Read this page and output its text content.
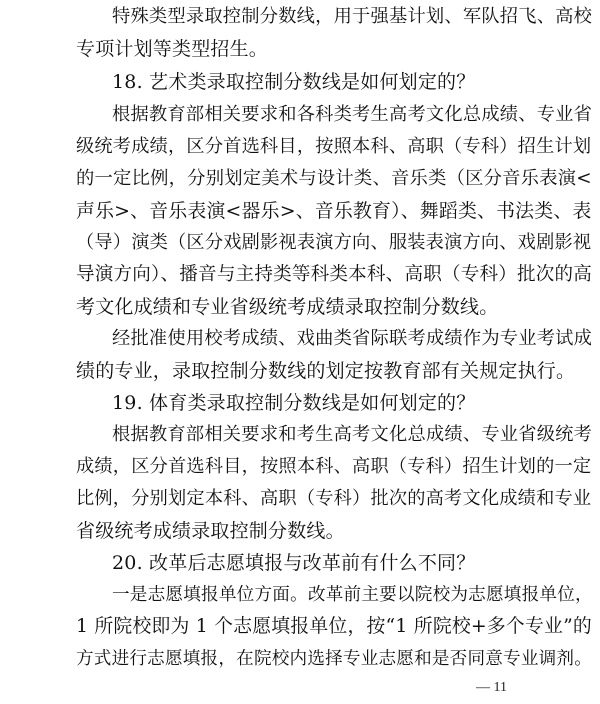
特殊类型录取控制分数线，用于强基计划、军队招飞、高校
专项计划等类型招生。
18. 艺术类录取控制分数线是如何划定的？
根据教育部相关要求和各科类考生高考文化总成绩、专业省
级统考成绩，区分首选科目，按照本科、高职（专科）招生计划
的一定比例，分别划定美术与设计类、音乐类（区分音乐表演<
声乐>、音乐表演<器乐>、音乐教育）、舞蹈类、书法类、表
（导）演类（区分戏剧影视表演方向、服装表演方向、戏剧影视
导演方向）、播音与主持类等科类本科、高职（专科）批次的高
考文化成绩和专业省级统考成绩录取控制分数线。
经批准使用校考成绩、戏曲类省际联考成绩作为专业考试成
绩的专业，录取控制分数线的划定按教育部有关规定执行。
19. 体育类录取控制分数线是如何划定的？
根据教育部相关要求和考生高考文化总成绩、专业省级统考
成绩，区分首选科目，按照本科、高职（专科）招生计划的一定
比例，分别划定本科、高职（专科）批次的高考文化成绩和专业
省级统考成绩录取控制分数线。
20. 改革后志愿填报与改革前有什么不同？
一是志愿填报单位方面。改革前主要以院校为志愿填报单位，
1 所院校即为 1 个志愿填报单位，按“1 所院校+多个专业”的
方式进行志愿填报，在院校内选择专业志愿和是否同意专业调剂。
— 11
